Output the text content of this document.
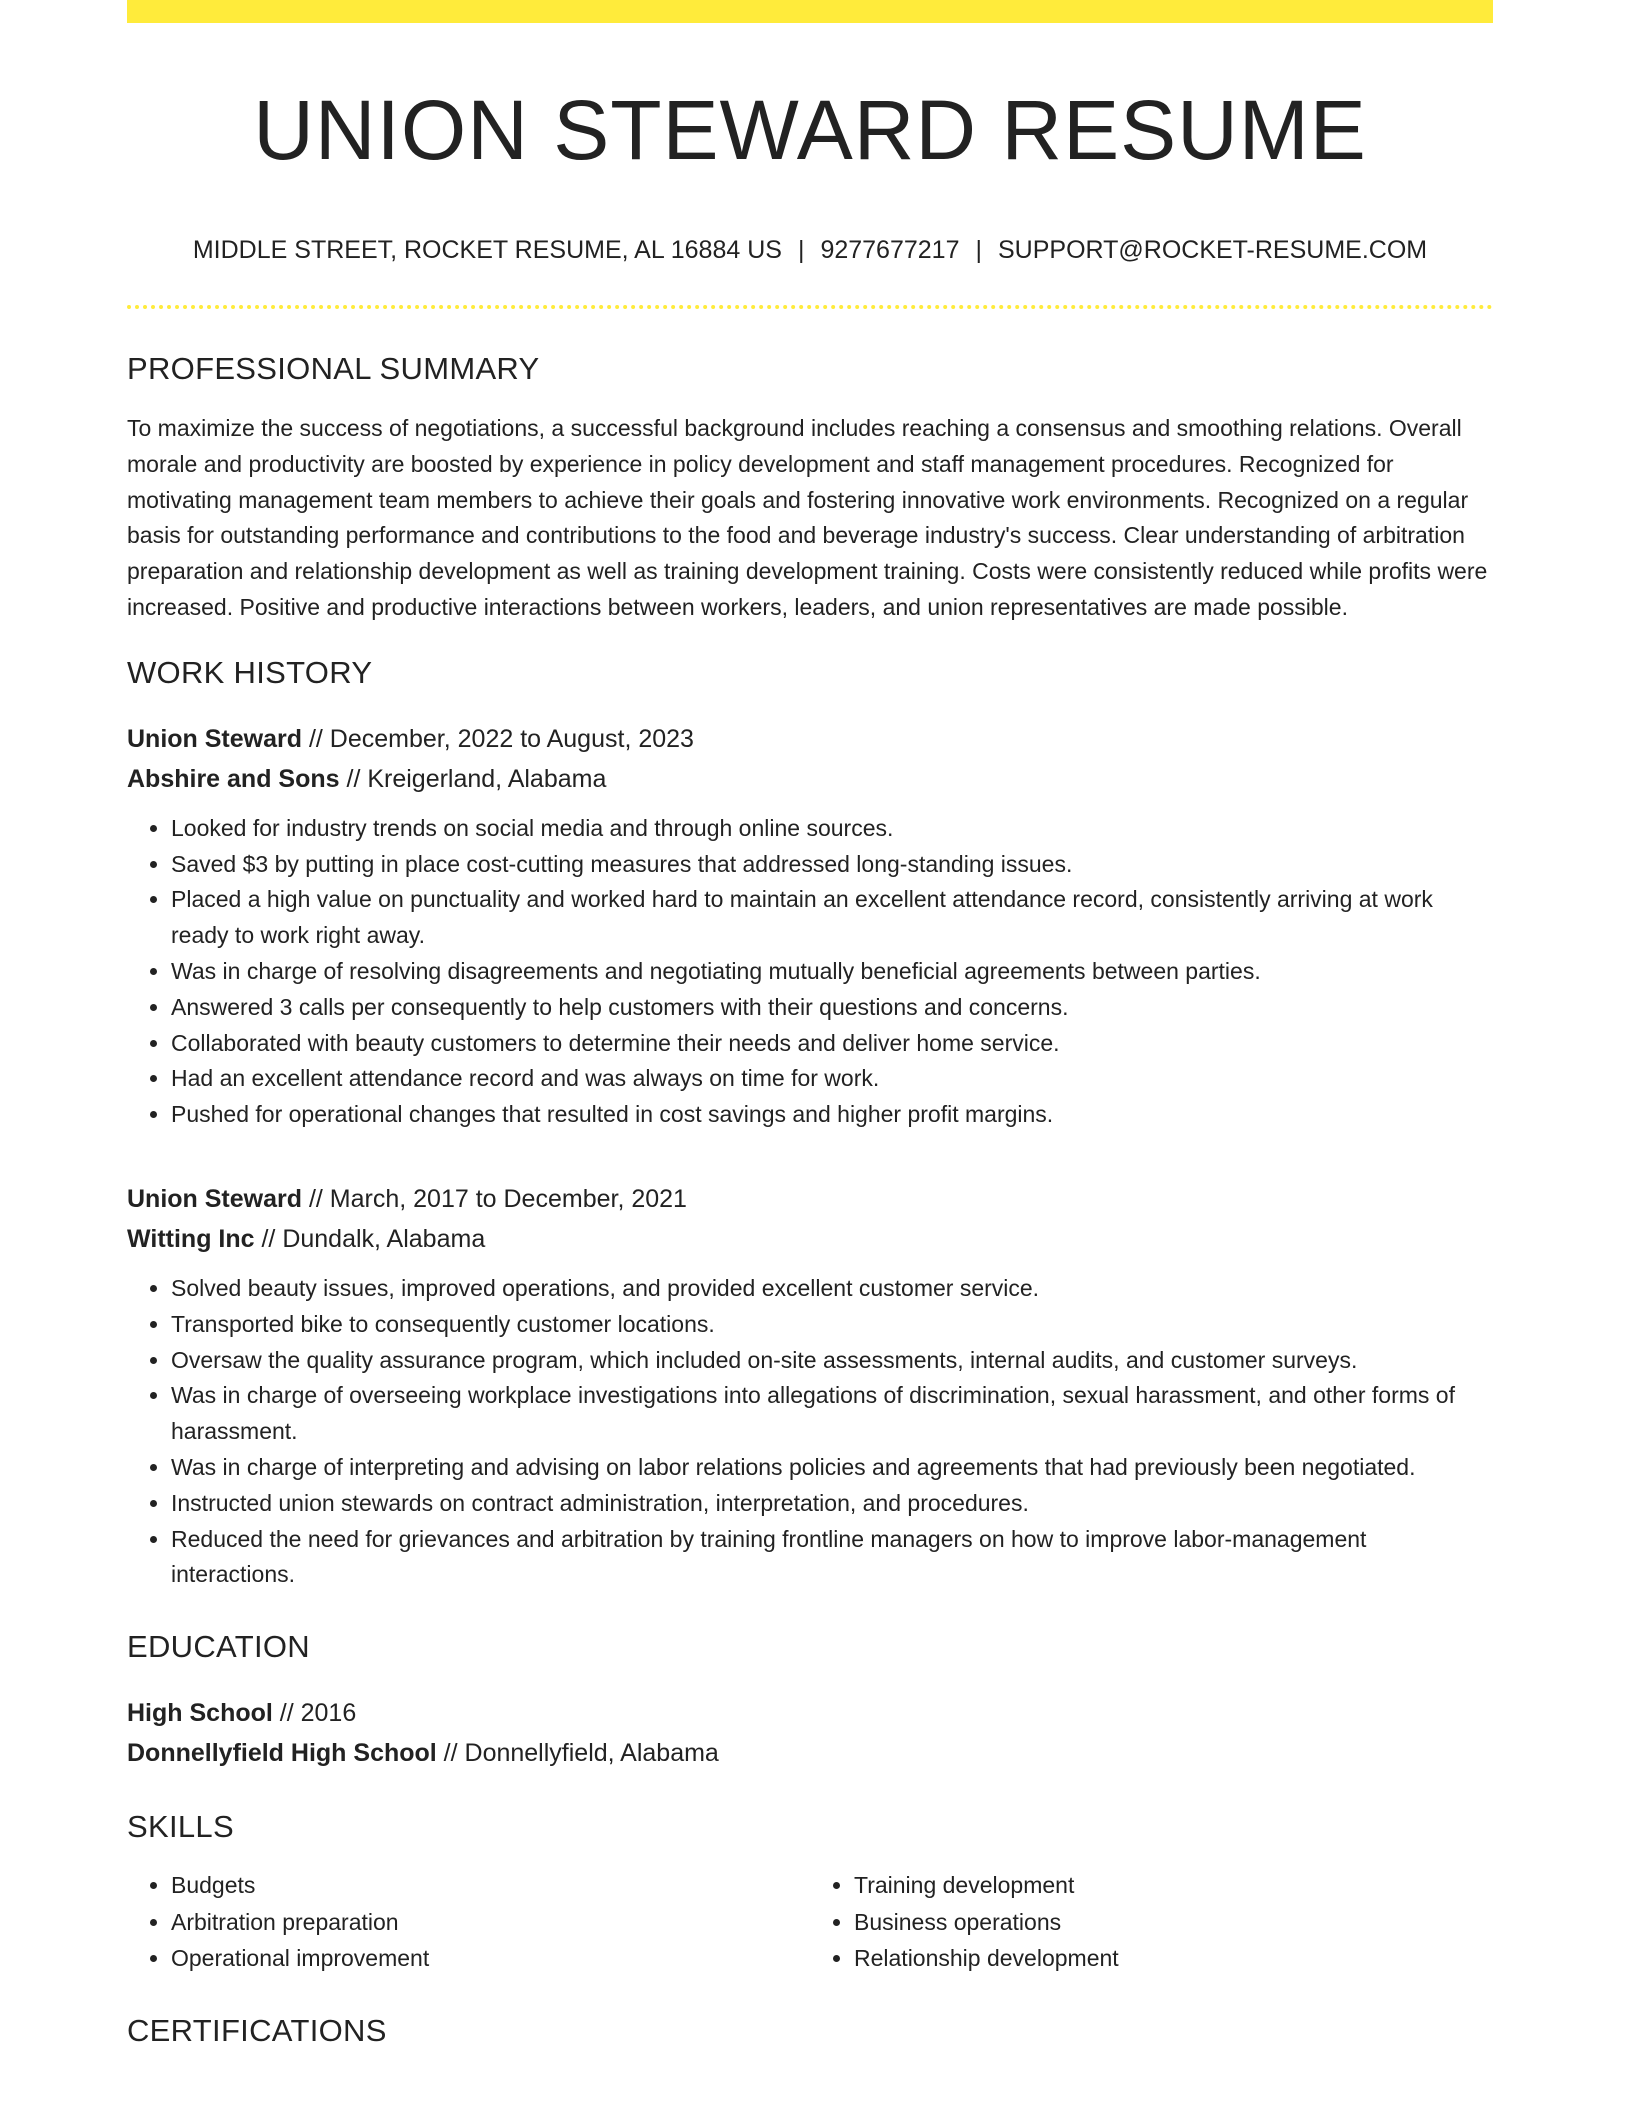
UNION STEWARD RESUME
MIDDLE STREET, ROCKET RESUME, AL 16884 US | 9277677217 | SUPPORT@ROCKET-RESUME.COM
PROFESSIONAL SUMMARY

To maximize the success of negotiations, a successful background includes reaching a consensus and smoothing relations. Overall morale and productivity are boosted by experience in policy development and staff management procedures. Recognized for motivating management team members to achieve their goals and fostering innovative work environments. Recognized on a regular basis for outstanding performance and contributions to the food and beverage industry's success. Clear understanding of arbitration preparation and relationship development as well as training development training. Costs were consistently reduced while profits were increased. Positive and productive interactions between workers, leaders, and union representatives are made possible.

WORK HISTORY
Union Steward // December, 2022 to August, 2023
Abshire and Sons // Kreigerland, Alabama
• Looked for industry trends on social media and through online sources.
• Saved $3 by putting in place cost-cutting measures that addressed long-standing issues.
• Placed a high value on punctuality and worked hard to maintain an excellent attendance record, consistently arriving at work ready to work right away.
• Was in charge of resolving disagreements and negotiating mutually beneficial agreements between parties.
• Answered 3 calls per consequently to help customers with their questions and concerns.
• Collaborated with beauty customers to determine their needs and deliver home service.
• Had an excellent attendance record and was always on time for work.
• Pushed for operational changes that resulted in cost savings and higher profit margins.
Union Steward // March, 2017 to December, 2021
Witting Inc // Dundalk, Alabama
• Solved beauty issues, improved operations, and provided excellent customer service.
• Transported bike to consequently customer locations.
• Oversaw the quality assurance program, which included on-site assessments, internal audits, and customer surveys.
• Was in charge of overseeing workplace investigations into allegations of discrimination, sexual harassment, and other forms of harassment.
• Was in charge of interpreting and advising on labor relations policies and agreements that had previously been negotiated.
• Instructed union stewards on contract administration, interpretation, and procedures.
• Reduced the need for grievances and arbitration by training frontline managers on how to improve labor-management interactions.
EDUCATION
High School // 2016
Donnellyfield High School // Donnellyfield, Alabama
SKILLS
• Budgets
• Arbitration preparation
• Operational improvement
• Training development
• Business operations
• Relationship development
CERTIFICATIONS
